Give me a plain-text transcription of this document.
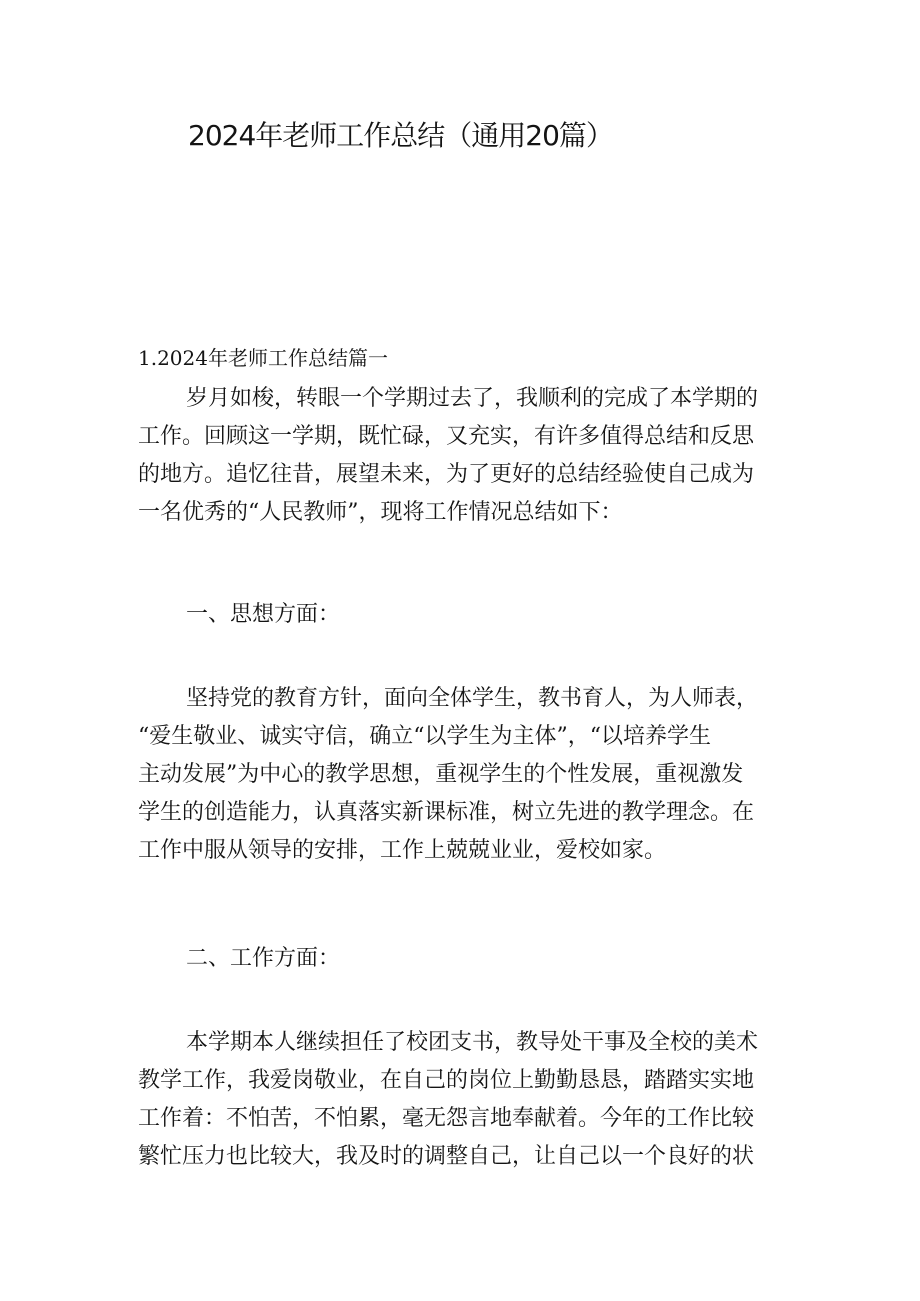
2024年老师工作总结（通用20篇）
1.2024年老师工作总结篇一
岁月如梭，转眼一个学期过去了，我顺利的完成了本学期的
工作。回顾这一学期，既忙碌，又充实，有许多值得总结和反思
的地方。追忆往昔，展望未来，为了更好的总结经验使自己成为
一名优秀的“人民教师”，现将工作情况总结如下：
一、思想方面：
坚持党的教育方针，面向全体学生，教书育人，为人师表，
“爱生敬业、诚实守信，确立“以学生为主体”，“以培养学生
主动发展”为中心的教学思想，重视学生的个性发展，重视激发
学生的创造能力，认真落实新课标准，树立先进的教学理念。在
工作中服从领导的安排，工作上兢兢业业，爱校如家。
二、工作方面：
本学期本人继续担任了校团支书，教导处干事及全校的美术
教学工作，我爱岗敬业，在自己的岗位上勤勤恳恳，踏踏实实地
工作着：不怕苦，不怕累，毫无怨言地奉献着。今年的工作比较
繁忙压力也比较大，我及时的调整自己，让自己以一个良好的状
